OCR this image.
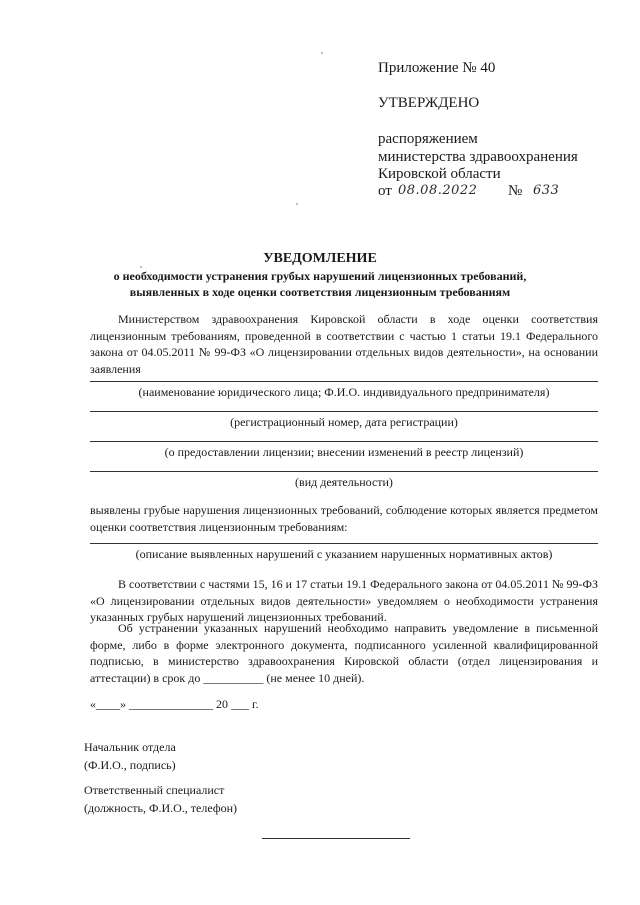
Приложение № 40
УТВЕРЖДЕНО
распоряжением
министерства здравоохранения
Кировской области
от 08.08.2022 № 633
УВЕДОМЛЕНИЕ
о необходимости устранения грубых нарушений лицензионных требований,
выявленных в ходе оценки соответствия лицензионным требованиям
Министерством здравоохранения Кировской области в ходе оценки соответствия лицензионным требованиям, проведенной в соответствии с частью 1 статьи 19.1 Федерального закона от 04.05.2011 № 99-ФЗ «О лицензировании отдельных видов деятельности», на основании заявления
(наименование юридического лица; Ф.И.О. индивидуального предпринимателя)
(регистрационный номер, дата регистрации)
(о предоставлении лицензии; внесении изменений в реестр лицензий)
(вид деятельности)
выявлены грубые нарушения лицензионных требований, соблюдение которых является предметом оценки соответствия лицензионным требованиям:
(описание выявленных нарушений с указанием нарушенных нормативных актов)
В соответствии с частями 15, 16 и 17 статьи 19.1 Федерального закона от 04.05.2011 № 99-ФЗ «О лицензировании отдельных видов деятельности» уведомляем о необходимости устранения указанных грубых нарушений лицензионных требований.
Об устранении указанных нарушений необходимо направить уведомление в письменной форме, либо в форме электронного документа, подписанного усиленной квалифицированной подписью, в министерство здравоохранения Кировской области (отдел лицензирования и аттестации) в срок до __________ (не менее 10 дней).
«____» ______________ 20 ___ г.
Начальник отдела
(Ф.И.О., подпись)
Ответственный специалист
(должность, Ф.И.О., телефон)
